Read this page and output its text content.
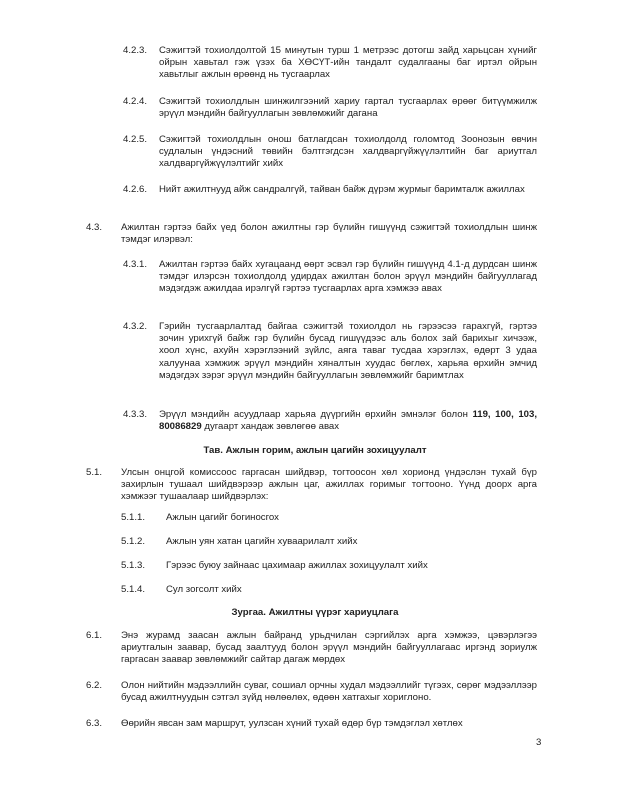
4.2.3. Сэжигтэй тохиолдолтой 15 минутын турш 1 метрээс дотогш зайд харьцсан хүнийг ойрын хавьтал гэж үзэх ба ХӨСҮТ-ийн тандалт судалгааны баг иртэл ойрын хавьтлыг ажлын өрөөнд нь тусгаарлах
4.2.4. Сэжигтэй тохиолдлын шинжилгээний хариу гартал тусгаарлах өрөөг битүүмжилж эрүүл мэндийн байгууллагын зөвлөмжийг дагана
4.2.5. Сэжигтэй тохиолдлын онош батлагдсан тохиолдолд голомтод Зоонозын өвчин судлалын үндэсний төвийн бэлтгэгдсэн халдваргүйжүүлэлтийн баг ариутгал халдваргүйжүүлэлтийг хийх
4.2.6. Нийт ажилтнууд айж сандралгүй, тайван байж дүрэм журмыг баримталж ажиллах
4.3. Ажилтан гэртээ байх үед болон ажилтны гэр бүлийн гишүүнд сэжигтэй тохиолдлын шинж тэмдэг илэрвэл:
4.3.1. Ажилтан гэртээ байх хугацаанд өөрт эсвэл гэр бүлийн гишүүнд 4.1-д дурдсан шинж тэмдэг илэрсэн тохиолдолд удирдах ажилтан болон эрүүл мэндийн байгууллагад мэдэгдэж ажилдаа ирэлгүй гэртээ тусгаарлах арга хэмжээ авах
4.3.2. Гэрийн тусгаарлалтад байгаа сэжигтэй тохиолдол нь гэрээсээ гарахгүй, гэртээ зочин урихгүй байж гэр бүлийн бусад гишүүдээс аль болох зай барихыг хичээж, хоол хүнс, ахуйн хэрэглээний зүйлс, аяга таваг тусдаа хэрэглэх, өдөрт 3 удаа халуунаа хэмжиж эрүүл мэндийн хяналтын хуудас бөглөх, харьяа өрхийн эмчид мэдэгдэх зэрэг эрүүл мэндийн байгууллагын зөвлөмжийг баримтлах
4.3.3. Эрүүл мэндийн асуудлаар харьяа дүүргийн өрхийн эмнэлэг болон 119, 100, 103, 80086829 дугаарт хандаж зөвлөгөө авах
Тав. Ажлын горим, ажлын цагийн зохицуулалт
5.1. Улсын онцгой комиссоос гаргасан шийдвэр, тогтоосон хөл хорионд үндэслэн тухай бүр захирлын тушаал шийдвэрээр ажлын цаг, ажиллах горимыг тогтооно. Үүнд доорх арга хэмжээг тушаалаар шийдвэрлэх:
5.1.1. Ажлын цагийг богиносгох
5.1.2. Ажлын уян хатан цагийн хуваарилалт хийх
5.1.3. Гэрээс буюу зайнаас цахимаар ажиллах зохицуулалт хийх
5.1.4. Сул зогсолт хийх
Зургаа. Ажилтны үүрэг хариуцлага
6.1. Энэ журамд заасан ажлын байранд урьдчилан сэргийлэх арга хэмжээ, цэвэрлэгээ ариутгалын заавар, бусад заалтууд болон эрүүл мэндийн байгууллагаас иргэнд зориулж гаргасан заавар зөвлөмжийг сайтар дагаж мөрдөх
6.2. Олон нийтийн мэдээллийн суваг, сошиал орчны худал мэдээллийг түгээх, сөрөг мэдээллээр бусад ажилтнуудын сэтгэл зүйд нөлөөлөх, өдөөн хатгахыг хориглоно.
6.3. Өөрийн явсан зам маршрут, уулзсан хүний тухай өдөр бүр тэмдэглэл хөтлөх
3
